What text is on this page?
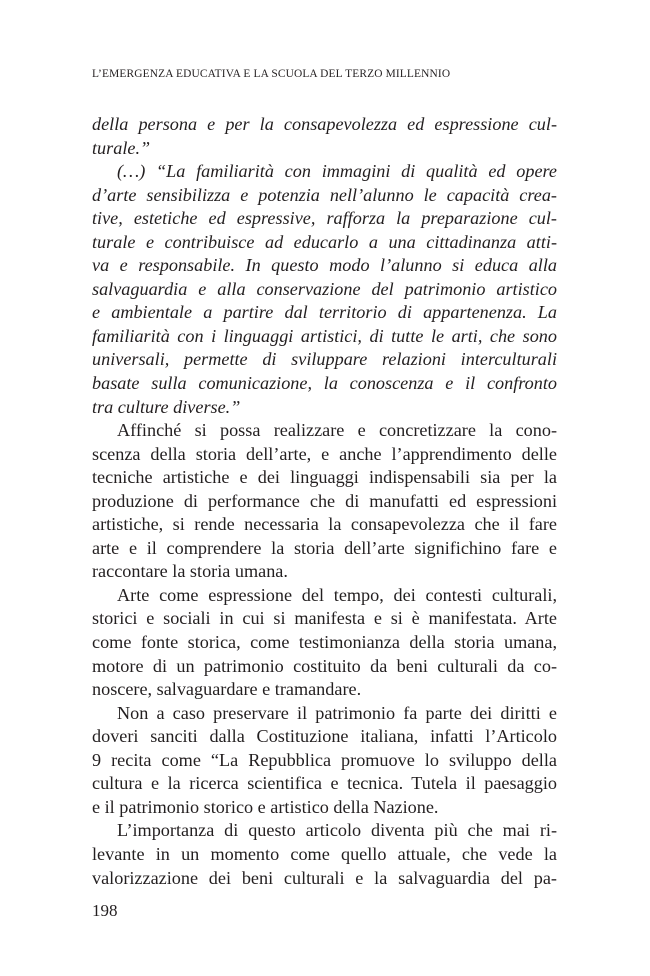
L’EMERGENZA EDUCATIVA E LA SCUOLA DEL TERZO MILLENNIO
della persona e per la consapevolezza ed espressione cul-
turale.”
(…) “La familiarità con immagini di qualità ed opere
d’arte sensibilizza e potenzia nell’alunno le capacità crea-
tive, estetiche ed espressive, rafforza la preparazione cul-
turale e contribuisce ad educarlo a una cittadinanza atti-
va e responsabile. In questo modo l’alunno si educa alla
salvaguardia e alla conservazione del patrimonio artistico
e ambientale a partire dal territorio di appartenenza. La
familiarità con i linguaggi artistici, di tutte le arti, che sono
universali, permette di sviluppare relazioni interculturali
basate sulla comunicazione, la conoscenza e il confronto
tra culture diverse.”
Affinché si possa realizzare e concretizzare la cono-
scenza della storia dell’arte, e anche l’apprendimento delle
tecniche artistiche e dei linguaggi indispensabili sia per la
produzione di performance che di manufatti ed espressioni
artistiche, si rende necessaria la consapevolezza che il fare
arte e il comprendere la storia dell’arte significhino fare e
raccontare la storia umana.
Arte come espressione del tempo, dei contesti culturali,
storici e sociali in cui si manifesta e si è manifestata. Arte
come fonte storica, come testimonianza della storia umana,
motore di un patrimonio costituito da beni culturali da co-
noscere, salvaguardare e tramandare.
Non a caso preservare il patrimonio fa parte dei diritti e
doveri sanciti dalla Costituzione italiana, infatti l’Articolo
9 recita come “La Repubblica promuove lo sviluppo della
cultura e la ricerca scientifica e tecnica. Tutela il paesaggio
e il patrimonio storico e artistico della Nazione.
L’importanza di questo articolo diventa più che mai ri-
levante in un momento come quello attuale, che vede la
valorizzazione dei beni culturali e la salvaguardia del pa-
198
